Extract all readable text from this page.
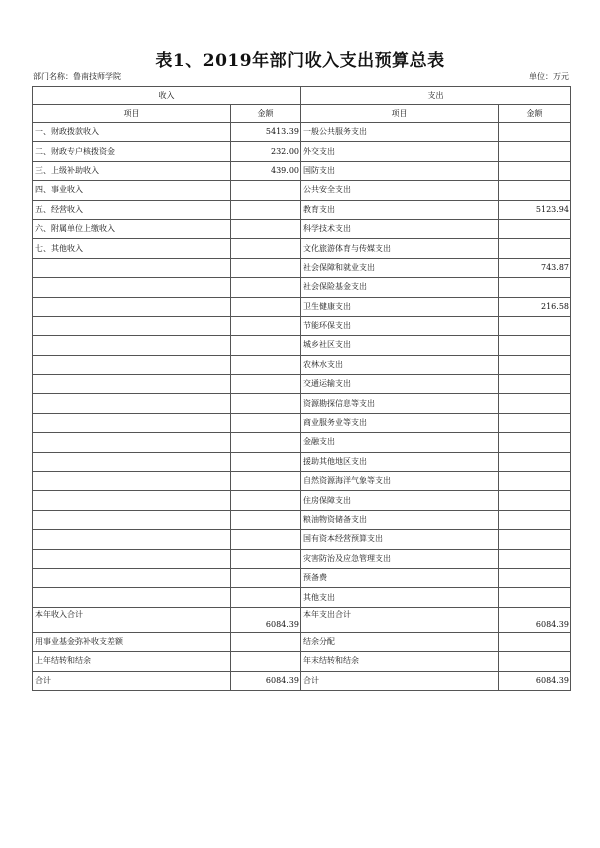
表1、2019年部门收入支出预算总表
部门名称：鲁南技师学院	单位：万元
收入		支出	
项目	金额	项目	金额
一、财政拨款收入	5413.39	一般公共服务支出	
二、财政专户核拨资金	232.00	外交支出	
三、上级补助收入	439.00	国防支出	
四、事业收入		公共安全支出	
五、经营收入		教育支出	5123.94
六、附属单位上缴收入		科学技术支出	
七、其他收入		文化旅游体育与传媒支出	
		社会保障和就业支出	743.87
		社会保险基金支出	
		卫生健康支出	216.58
		节能环保支出	
		城乡社区支出	
		农林水支出	
		交通运输支出	
		资源勘探信息等支出	
		商业服务业等支出	
		金融支出	
		援助其他地区支出	
		自然资源海洋气象等支出	
		住房保障支出	
		粮油物资储备支出	
		国有资本经营预算支出	
		灾害防治及应急管理支出	
		预备费	
		其他支出	
本年收入合计	6084.39	本年支出合计	6084.39
用事业基金弥补收支差额		结余分配	
上年结转和结余		年末结转和结余	
合计	6084.39	合计	6084.39
